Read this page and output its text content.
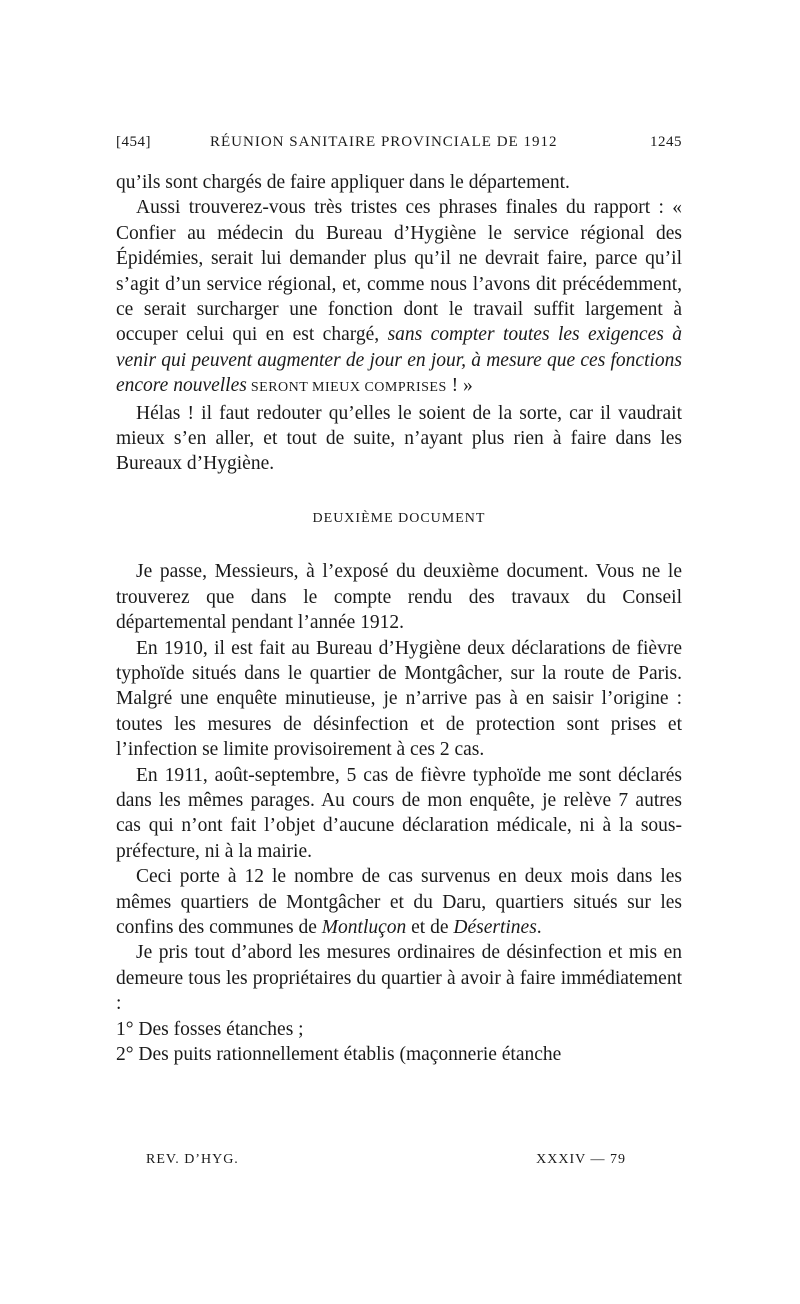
[454]	RÉUNION SANITAIRE PROVINCIALE DE 1912	1245

qu’ils sont chargés de faire appliquer dans le département.

Aussi trouverez-vous très tristes ces phrases finales du rapport : « Confier au médecin du Bureau d’Hygiène le service régional des Épidémies, serait lui demander plus qu’il ne devrait faire, parce qu’il s’agit d’un service régional, et, comme nous l’avons dit précédemment, ce serait surcharger une fonction dont le travail suffit largement à occuper celui qui en est chargé, sans compter toutes les exigences à venir qui peuvent augmenter de jour en jour, à mesure que ces fonctions encore nouvelles SERONT MIEUX COMPRISES ! »

Hélas ! il faut redouter qu’elles le soient de la sorte, car il vaudrait mieux s’en aller, et tout de suite, n’ayant plus rien à faire dans les Bureaux d’Hygiène.

DEUXIÈME DOCUMENT

Je passe, Messieurs, à l’exposé du deuxième document. Vous ne le trouverez que dans le compte rendu des travaux du Conseil départemental pendant l’année 1912.

En 1910, il est fait au Bureau d’Hygiène deux déclarations de fièvre typhoïde situés dans le quartier de Montgâcher, sur la route de Paris. Malgré une enquête minutieuse, je n’arrive pas à en saisir l’origine : toutes les mesures de désinfection et de protection sont prises et l’infection se limite provisoirement à ces 2 cas.

En 1911, août-septembre, 5 cas de fièvre typhoïde me sont déclarés dans les mêmes parages. Au cours de mon enquête, je relève 7 autres cas qui n’ont fait l’objet d’aucune déclaration médicale, ni à la sous-préfecture, ni à la mairie.

Ceci porte à 12 le nombre de cas survenus en deux mois dans les mêmes quartiers de Montgâcher et du Daru, quartiers situés sur les confins des communes de Montluçon et de Désertines.

Je pris tout d’abord les mesures ordinaires de désinfection et mis en demeure tous les propriétaires du quartier à avoir à faire immédiatement :

1° Des fosses étanches ;

2° Des puits rationnellement établis (maçonnerie étanche

REV. D’HYG.	XXXIV — 79
